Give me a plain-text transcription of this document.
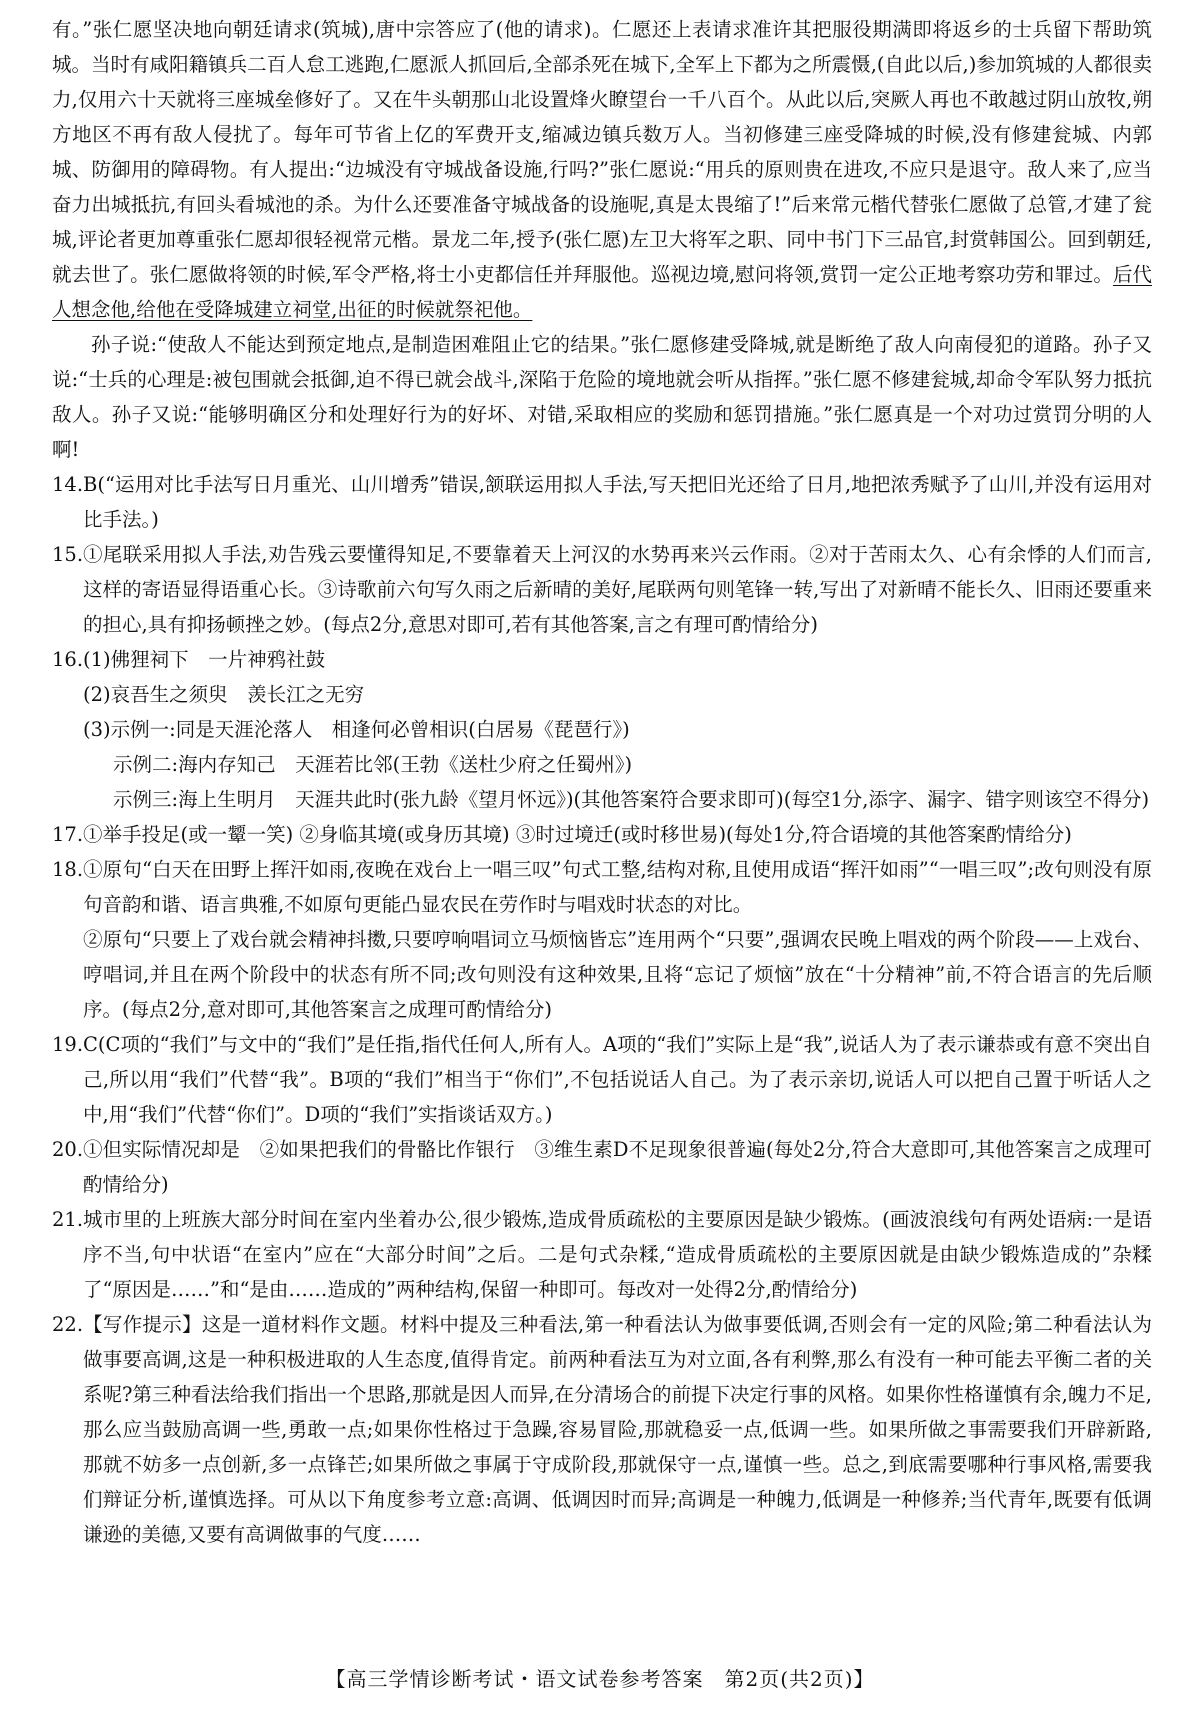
有。”张仁愿坚决地向朝廷请求(筑城),唐中宗答应了(他的请求)。仁愿还上表请求准许其把服役期满即将返乡的士兵留下帮助筑城。当时有咸阳籍镇兵二百人怠工逃跑,仁愿派人抓回后,全部杀死在城下,全军上下都为之所震慑,(自此以后,)参加筑城的人都很卖力,仅用六十天就将三座城垒修好了。又在牛头朝那山北设置烽火瞭望台一千八百个。从此以后,突厥人再也不敢越过阴山放牧,朔方地区不再有敌人侵扰了。每年可节省上亿的军费开支,缩减边镇兵数万人。当初修建三座受降城的时候,没有修建瓮城、内郭城、防御用的障碍物。有人提出:“边城没有守城战备设施,行吗?”张仁愿说:“用兵的原则贵在进攻,不应只是退守。敌人来了,应当奋力出城抵抗,有回头看城池的杀。为什么还要准备守城战备的设施呢,真是太畏缩了!”后来常元楷代替张仁愿做了总管,才建了瓮城,评论者更加尊重张仁愿却很轻视常元楷。景龙二年,授予(张仁愿)左卫大将军之职、同中书门下三品官,封赏韩国公。回到朝廷,就去世了。张仁愿做将领的时候,军令严格,将士小吏都信任并拜服他。巡视边境,慰问将领,赏罚一定公正地考察功劳和罪过。后代人想念他,给他在受降城建立祠堂,出征的时候就祭祀他。

孙子说:“使敌人不能达到预定地点,是制造困难阻止它的结果。”张仁愿修建受降城,就是断绝了敌人向南侵犯的道路。孙子又说:“士兵的心理是:被包围就会抵御,迫不得已就会战斗,深陷于危险的境地就会听从指挥。”张仁愿不修建瓮城,却命令军队努力抵抗敌人。孙子又说:“能够明确区分和处理好行为的好坏、对错,采取相应的奖励和惩罚措施。”张仁愿真是一个对功过赏罚分明的人啊!

14. B(“运用对比手法写日月重光、山川增秀”错误,颔联运用拟人手法,写天把旧光还给了日月,地把浓秀赋予了山川,并没有运用对比手法。)
15. ①尾联采用拟人手法,劝告残云要懂得知足,不要靠着天上河汉的水势再来兴云作雨。②对于苦雨太久、心有余悸的人们而言,这样的寄语显得语重心长。③诗歌前六句写久雨之后新晴的美好,尾联两句则笔锋一转,写出了对新晴不能长久、旧雨还要重来的担心,具有抑扬顿挫之妙。(每点2分,意思对即可,若有其他答案,言之有理可酌情给分)
16. (1)佛狸祠下　一片神鸦社鼓

(2)哀吾生之须臾　羡长江之无穷

(3)示例一:同是天涯沦落人　相逢何必曾相识(白居易《琵琶行》)

示例二:海内存知己　天涯若比邻(王勃《送杜少府之任蜀州》)

示例三:海上生明月　天涯共此时(张九龄《望月怀远》)(其他答案符合要求即可)(每空1分,添字、漏字、错字则该空不得分)

17. ①举手投足(或一颦一笑) ②身临其境(或身历其境) ③时过境迁(或时移世易)(每处1分,符合语境的其他答案酌情给分)
18. ①原句“白天在田野上挥汗如雨,夜晚在戏台上一唱三叹”句式工整,结构对称,且使用成语“挥汗如雨”“一唱三叹”;改句则没有原句音韵和谐、语言典雅,不如原句更能凸显农民在劳作时与唱戏时状态的对比。

②原句“只要上了戏台就会精神抖擞,只要哼响唱词立马烦恼皆忘”连用两个“只要”,强调农民晚上唱戏的两个阶段——上戏台、哼唱词,并且在两个阶段中的状态有所不同;改句则没有这种效果,且将“忘记了烦恼”放在“十分精神”前,不符合语言的先后顺序。(每点2分,意对即可,其他答案言之成理可酌情给分)

19. C(C项的“我们”与文中的“我们”是任指,指代任何人,所有人。A项的“我们”实际上是“我”,说话人为了表示谦恭或有意不突出自己,所以用“我们”代替“我”。B项的“我们”相当于“你们”,不包括说话人自己。为了表示亲切,说话人可以把自己置于听话人之中,用“我们”代替“你们”。D项的“我们”实指谈话双方。)
20. ①但实际情况却是　②如果把我们的骨骼比作银行　③维生素D不足现象很普遍(每处2分,符合大意即可,其他答案言之成理可酌情给分)
21. 城市里的上班族大部分时间在室内坐着办公,很少锻炼,造成骨质疏松的主要原因是缺少锻炼。(画波浪线句有两处语病:一是语序不当,句中状语“在室内”应在“大部分时间”之后。二是句式杂糅,“造成骨质疏松的主要原因就是由缺少锻炼造成的”杂糅了“原因是……”和“是由……造成的”两种结构,保留一种即可。每改对一处得2分,酌情给分)
22. 【写作提示】这是一道材料作文题。材料中提及三种看法,第一种看法认为做事要低调,否则会有一定的风险;第二种看法认为做事要高调,这是一种积极进取的人生态度,值得肯定。前两种看法互为对立面,各有利弊,那么有没有一种可能去平衡二者的关系呢?第三种看法给我们指出一个思路,那就是因人而异,在分清场合的前提下决定行事的风格。如果你性格谨慎有余,魄力不足,那么应当鼓励高调一些,勇敢一点;如果你性格过于急躁,容易冒险,那就稳妥一点,低调一些。如果所做之事需要我们开辟新路,那就不妨多一点创新,多一点锋芒;如果所做之事属于守成阶段,那就保守一点,谨慎一些。总之,到底需要哪种行事风格,需要我们辩证分析,谨慎选择。可从以下角度参考立意:高调、低调因时而异;高调是一种魄力,低调是一种修养;当代青年,既要有低调谦逊的美德,又要有高调做事的气度……
【高三学情诊断考试・语文试卷参考答案　第2页(共2页)】
